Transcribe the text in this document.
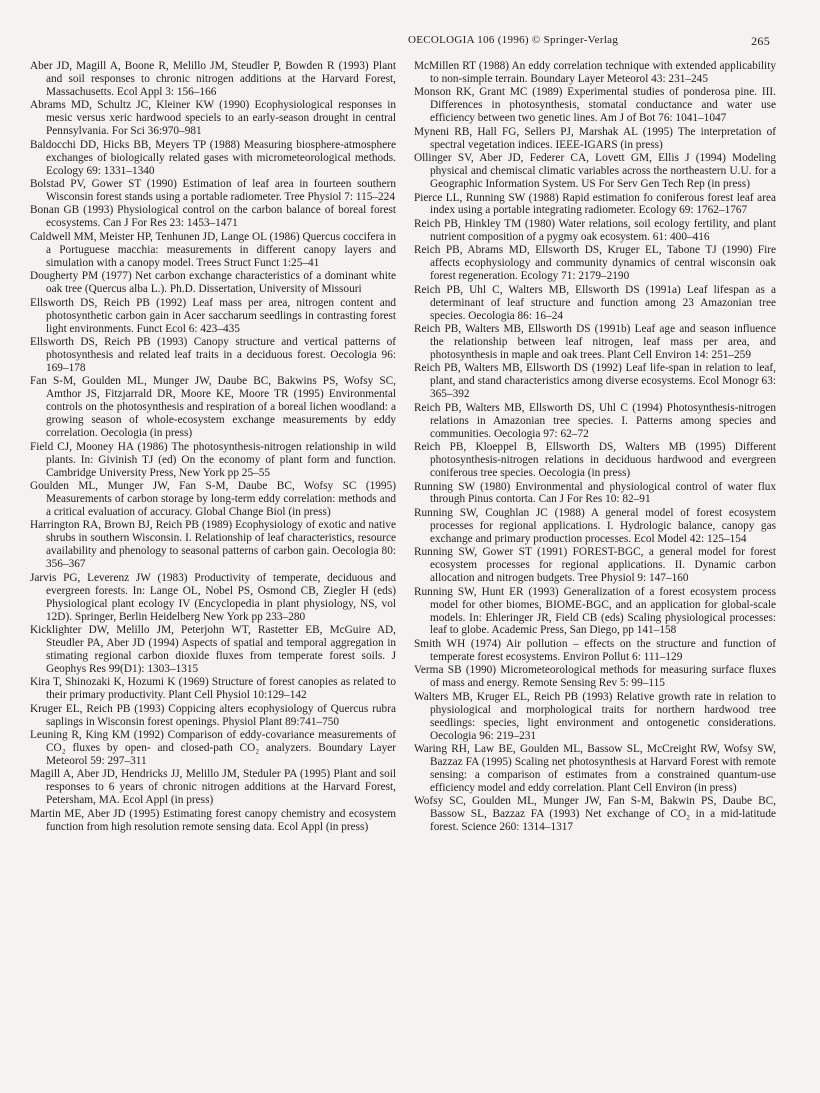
OECOLOGIA 106 (1996) © Springer-Verlag	265

Aber JD, Magill A, Boone R, Melillo JM, Steudler P, Bowden R (1993) Plant and soil responses to chronic nitrogen additions at the Harvard Forest, Massachusetts. Ecol Appl 3: 156–166

Abrams MD, Schultz JC, Kleiner KW (1990) Ecophysiological responses in mesic versus xeric hardwood speciels to an early-season drought in central Pennsylvania. For Sci 36:970–981

Baldocchi DD, Hicks BB, Meyers TP (1988) Measuring biosphere-atmosphere exchanges of biologically related gases with micrometeorological methods. Ecology 69: 1331–1340

Bolstad PV, Gower ST (1990) Estimation of leaf area in fourteen southern Wisconsin forest stands using a portable radiometer. Tree Physiol 7: 115–224

Bonan GB (1993) Physiological control on the carbon balance of boreal forest ecosystems. Can J For Res 23: 1453–1471

Caldwell MM, Meister HP, Tenhunen JD, Lange OL (1986) Quercus coccifera in a Portuguese macchia: measurements in different canopy layers and simulation with a canopy model. Trees Struct Funct 1:25–41

Dougherty PM (1977) Net carbon exchange characteristics of a dominant white oak tree (Quercus alba L.). Ph.D. Dissertation, University of Missouri

Ellsworth DS, Reich PB (1992) Leaf mass per area, nitrogen content and photosynthetic carbon gain in Acer saccharum seedlings in contrasting forest light environments. Funct Ecol 6: 423–435

Ellsworth DS, Reich PB (1993) Canopy structure and vertical patterns of photosynthesis and related leaf traits in a deciduous forest. Oecologia 96: 169–178

Fan S-M, Goulden ML, Munger JW, Daube BC, Bakwins PS, Wofsy SC, Amthor JS, Fitzjarrald DR, Moore KE, Moore TR (1995) Environmental controls on the photosynthesis and respiration of a boreal lichen woodland: a growing season of whole-ecosystem exchange measurements by eddy correlation. Oecologia (in press)

Field CJ, Mooney HA (1986) The photosynthesis-nitrogen relationship in wild plants. In: Givinish TJ (ed) On the economy of plant form and function. Cambridge University Press, New York pp 25–55

Goulden ML, Munger JW, Fan S-M, Daube BC, Wofsy SC (1995) Measurements of carbon storage by long-term eddy correlation: methods and a critical evaluation of accuracy. Global Change Biol (in press)

Harrington RA, Brown BJ, Reich PB (1989) Ecophysiology of exotic and native shrubs in southern Wisconsin. I. Relationship of leaf characteristics, resource availability and phenology to seasonal patterns of carbon gain. Oecologia 80: 356–367

Jarvis PG, Leverenz JW (1983) Productivity of temperate, deciduous and evergreen forests. In: Lange OL, Nobel PS, Osmond CB, Ziegler H (eds) Physiological plant ecology IV (Encyclopedia in plant physiology, NS, vol 12D). Springer, Berlin Heidelberg New York pp 233–280

Kicklighter DW, Melillo JM, Peterjohn WT, Rastetter EB, McGuire AD, Steudler PA, Aber JD (1994) Aspects of spatial and temporal aggregation in stimating regional carbon dioxide fluxes from temperate forest soils. J Geophys Res 99(D1): 1303–1315

Kira T, Shinozaki K, Hozumi K (1969) Structure of forest canopies as related to their primary productivity. Plant Cell Physiol 10:129–142

Kruger EL, Reich PB (1993) Coppicing alters ecophysiology of Quercus rubra saplings in Wisconsin forest openings. Physiol Plant 89:741–750

Leuning R, King KM (1992) Comparison of eddy-covariance measurements of CO₂ fluxes by open- and closed-path CO₂ analyzers. Boundary Layer Meteorol 59: 297–311

Magill A, Aber JD, Hendricks JJ, Melillo JM, Steduler PA (1995) Plant and soil responses to 6 years of chronic nitrogen additions at the Harvard Forest, Petersham, MA. Ecol Appl (in press)

Martin ME, Aber JD (1995) Estimating forest canopy chemistry and ecosystem function from high resolution remote sensing data. Ecol Appl (in press)

McMillen RT (1988) An eddy correlation technique with extended applicability to non-simple terrain. Boundary Layer Meteorol 43: 231–245

Monson RK, Grant MC (1989) Experimental studies of ponderosa pine. III. Differences in photosynthesis, stomatal conductance and water use efficiency between two genetic lines. Am J of Bot 76: 1041–1047

Myneni RB, Hall FG, Sellers PJ, Marshak AL (1995) The interpretation of spectral vegetation indices. IEEE-IGARS (in press)

Ollinger SV, Aber JD, Federer CA, Lovett GM, Ellis J (1994) Modeling physical and chemiscal climatic variables across the northeastern U.U. for a Geographic Information System. US For Serv Gen Tech Rep (in press)

Pierce LL, Running SW (1988) Rapid estimation fo coniferous forest leaf area index using a portable integrating radiometer. Ecology 69: 1762–1767

Reich PB, Hinkley TM (1980) Water relations, soil ecology fertility, and plant nutrient composition of a pygmy oak ecosystem. 61: 400–416

Reich PB, Abrams MD, Ellsworth DS, Kruger EL, Tabone TJ (1990) Fire affects ecophysiology and community dynamics of central wisconsin oak forest regeneration. Ecology 71: 2179–2190

Reich PB, Uhl C, Walters MB, Ellsworth DS (1991a) Leaf lifespan as a determinant of leaf structure and function among 23 Amazonian tree species. Oecologia 86: 16–24

Reich PB, Walters MB, Ellsworth DS (1991b) Leaf age and season influence the relationship between leaf nitrogen, leaf mass per area, and photosynthesis in maple and oak trees. Plant Cell Environ 14: 251–259

Reich PB, Walters MB, Ellsworth DS (1992) Leaf life-span in relation to leaf, plant, and stand characteristics among diverse ecosystems. Ecol Monogr 63: 365–392

Reich PB, Walters MB, Ellsworth DS, Uhl C (1994) Photosynthesis-nitrogen relations in Amazonian tree species. I. Patterns among species and communities. Oecologia 97: 62–72

Reich PB, Kloeppel B, Ellsworth DS, Walters MB (1995) Different photosynthesis-nitrogen relations in deciduous hardwood and evergreen coniferous tree species. Oecologia (in press)

Running SW (1980) Environmental and physiological control of water flux through Pinus contorta. Can J For Res 10: 82–91

Running SW, Coughlan JC (1988) A general model of forest ecosystem processes for regional applications. I. Hydrologic balance, canopy gas exchange and primary production processes. Ecol Model 42: 125–154

Running SW, Gower ST (1991) FOREST-BGC, a general model for forest ecosystem processes for regional applications. II. Dynamic carbon allocation and nitrogen budgets. Tree Physiol 9: 147–160

Running SW, Hunt ER (1993) Generalization of a forest ecosystem process model for other biomes, BIOME-BGC, and an application for global-scale models. In: Ehleringer JR, Field CB (eds) Scaling physiological processes: leaf to globe. Academic Press, San Diego, pp 141–158

Smith WH (1974) Air pollution – effects on the structure and function of temperate forest ecosystems. Environ Pollut 6: 111–129

Verma SB (1990) Micrometeorological methods for measuring surface fluxes of mass and energy. Remote Sensing Rev 5: 99–115

Walters MB, Kruger EL, Reich PB (1993) Relative growth rate in relation to physiological and morphological traits for northern hardwood tree seedlings: species, light environment and ontogenetic considerations. Oecologia 96: 219–231

Waring RH, Law BE, Goulden ML, Bassow SL, McCreight RW, Wofsy SW, Bazzaz FA (1995) Scaling net photosynthesis at Harvard Forest with remote sensing: a comparison of estimates from a constrained quantum-use efficiency model and eddy correlation. Plant Cell Environ (in press)

Wofsy SC, Goulden ML, Munger JW, Fan S-M, Bakwin PS, Daube BC, Bassow SL, Bazzaz FA (1993) Net exchange of CO₂ in a mid-latitude forest. Science 260: 1314–1317
